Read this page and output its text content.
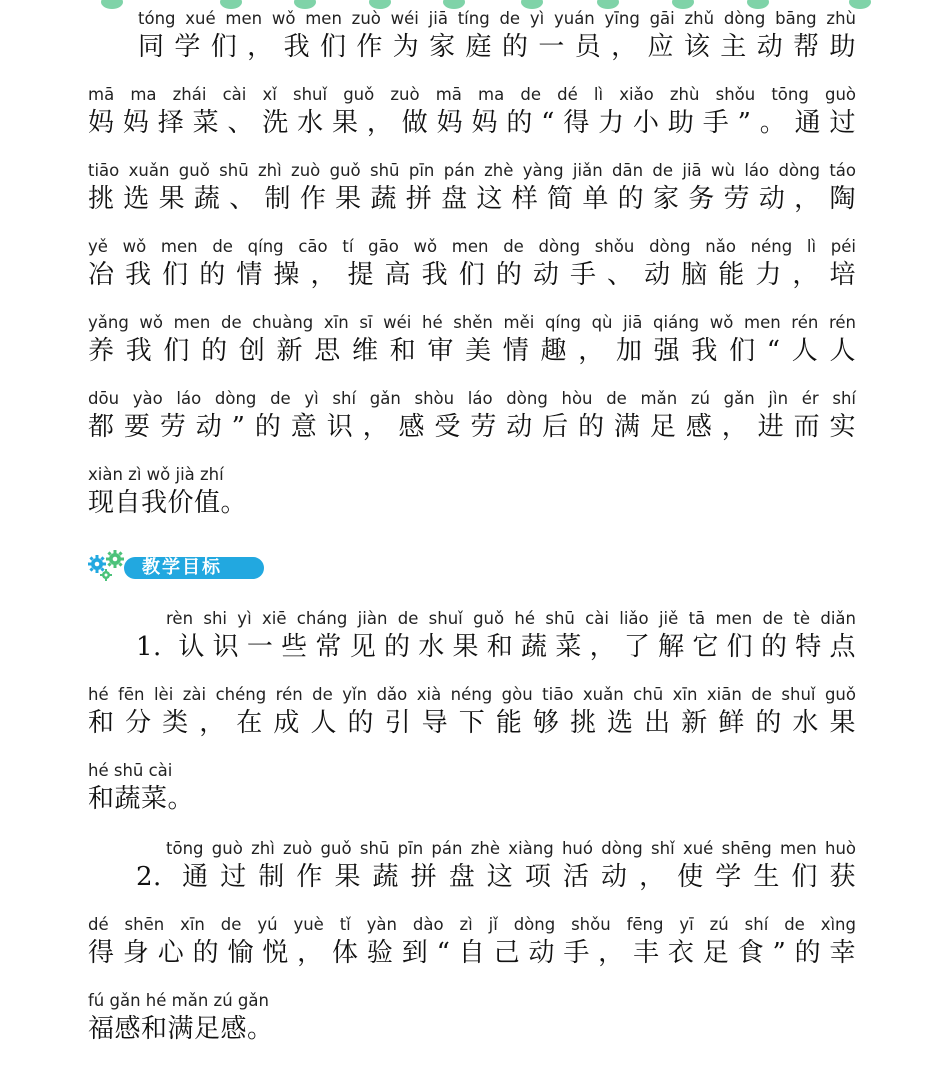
tóng xué men wǒ men zuò wéi jiā tíng de yì yuán yīng gāi zhǔ dòng bāng zhù
同学们，我们作为家庭的一员，应该主动帮助
mā ma zhái cài xǐ shuǐ guǒ zuò mā ma de dé lì xiǎo zhù shǒu tōng guò
妈妈择菜、洗水果，做妈妈的“得力小助手”。通过
tiāo xuǎn guǒ shū zhì zuò guǒ shū pīn pán zhè yàng jiǎn dān de jiā wù láo dòng táo
挑选果蔬、制作果蔬拼盘这样简单的家务劳动，陶
yě wǒ men de qíng cāo tí gāo wǒ men de dòng shǒu dòng nǎo néng lì péi
冶我们的情操，提高我们的动手、动脑能力，培
yǎng wǒ men de chuàng xīn sī wéi hé shěn měi qíng qù jiā qiáng wǒ men rén rén
养我们的创新思维和审美情趣，加强我们“人人
dōu yào láo dòng de yì shí gǎn shòu láo dòng hòu de mǎn zú gǎn jìn ér shí
都要劳动”的意识，感受劳动后的满足感，进而实
xiàn zì wǒ jià zhí
现自我价值。
教学目标
rèn shi yì xiē cháng jiàn de shuǐ guǒ hé shū cài liǎo jiě tā men de tè diǎn
1. 认识一些常见的水果和蔬菜，了解它们的特点
hé fēn lèi zài chéng rén de yǐn dǎo xià néng gòu tiāo xuǎn chū xīn xiān de shuǐ guǒ
和分类，在成人的引导下能够挑选出新鲜的水果
hé shū cài
和蔬菜。
tōng guò zhì zuò guǒ shū pīn pán zhè xiàng huó dòng shǐ xué shēng men huò
2. 通过制作果蔬拼盘这项活动，使学生们获
dé shēn xīn de yú yuè tǐ yàn dào zì jǐ dòng shǒu fēng yī zú shí de xìng
得身心的愉悦，体验到“自己动手，丰衣足食”的幸
fú gǎn hé mǎn zú gǎn
福感和满足感。
